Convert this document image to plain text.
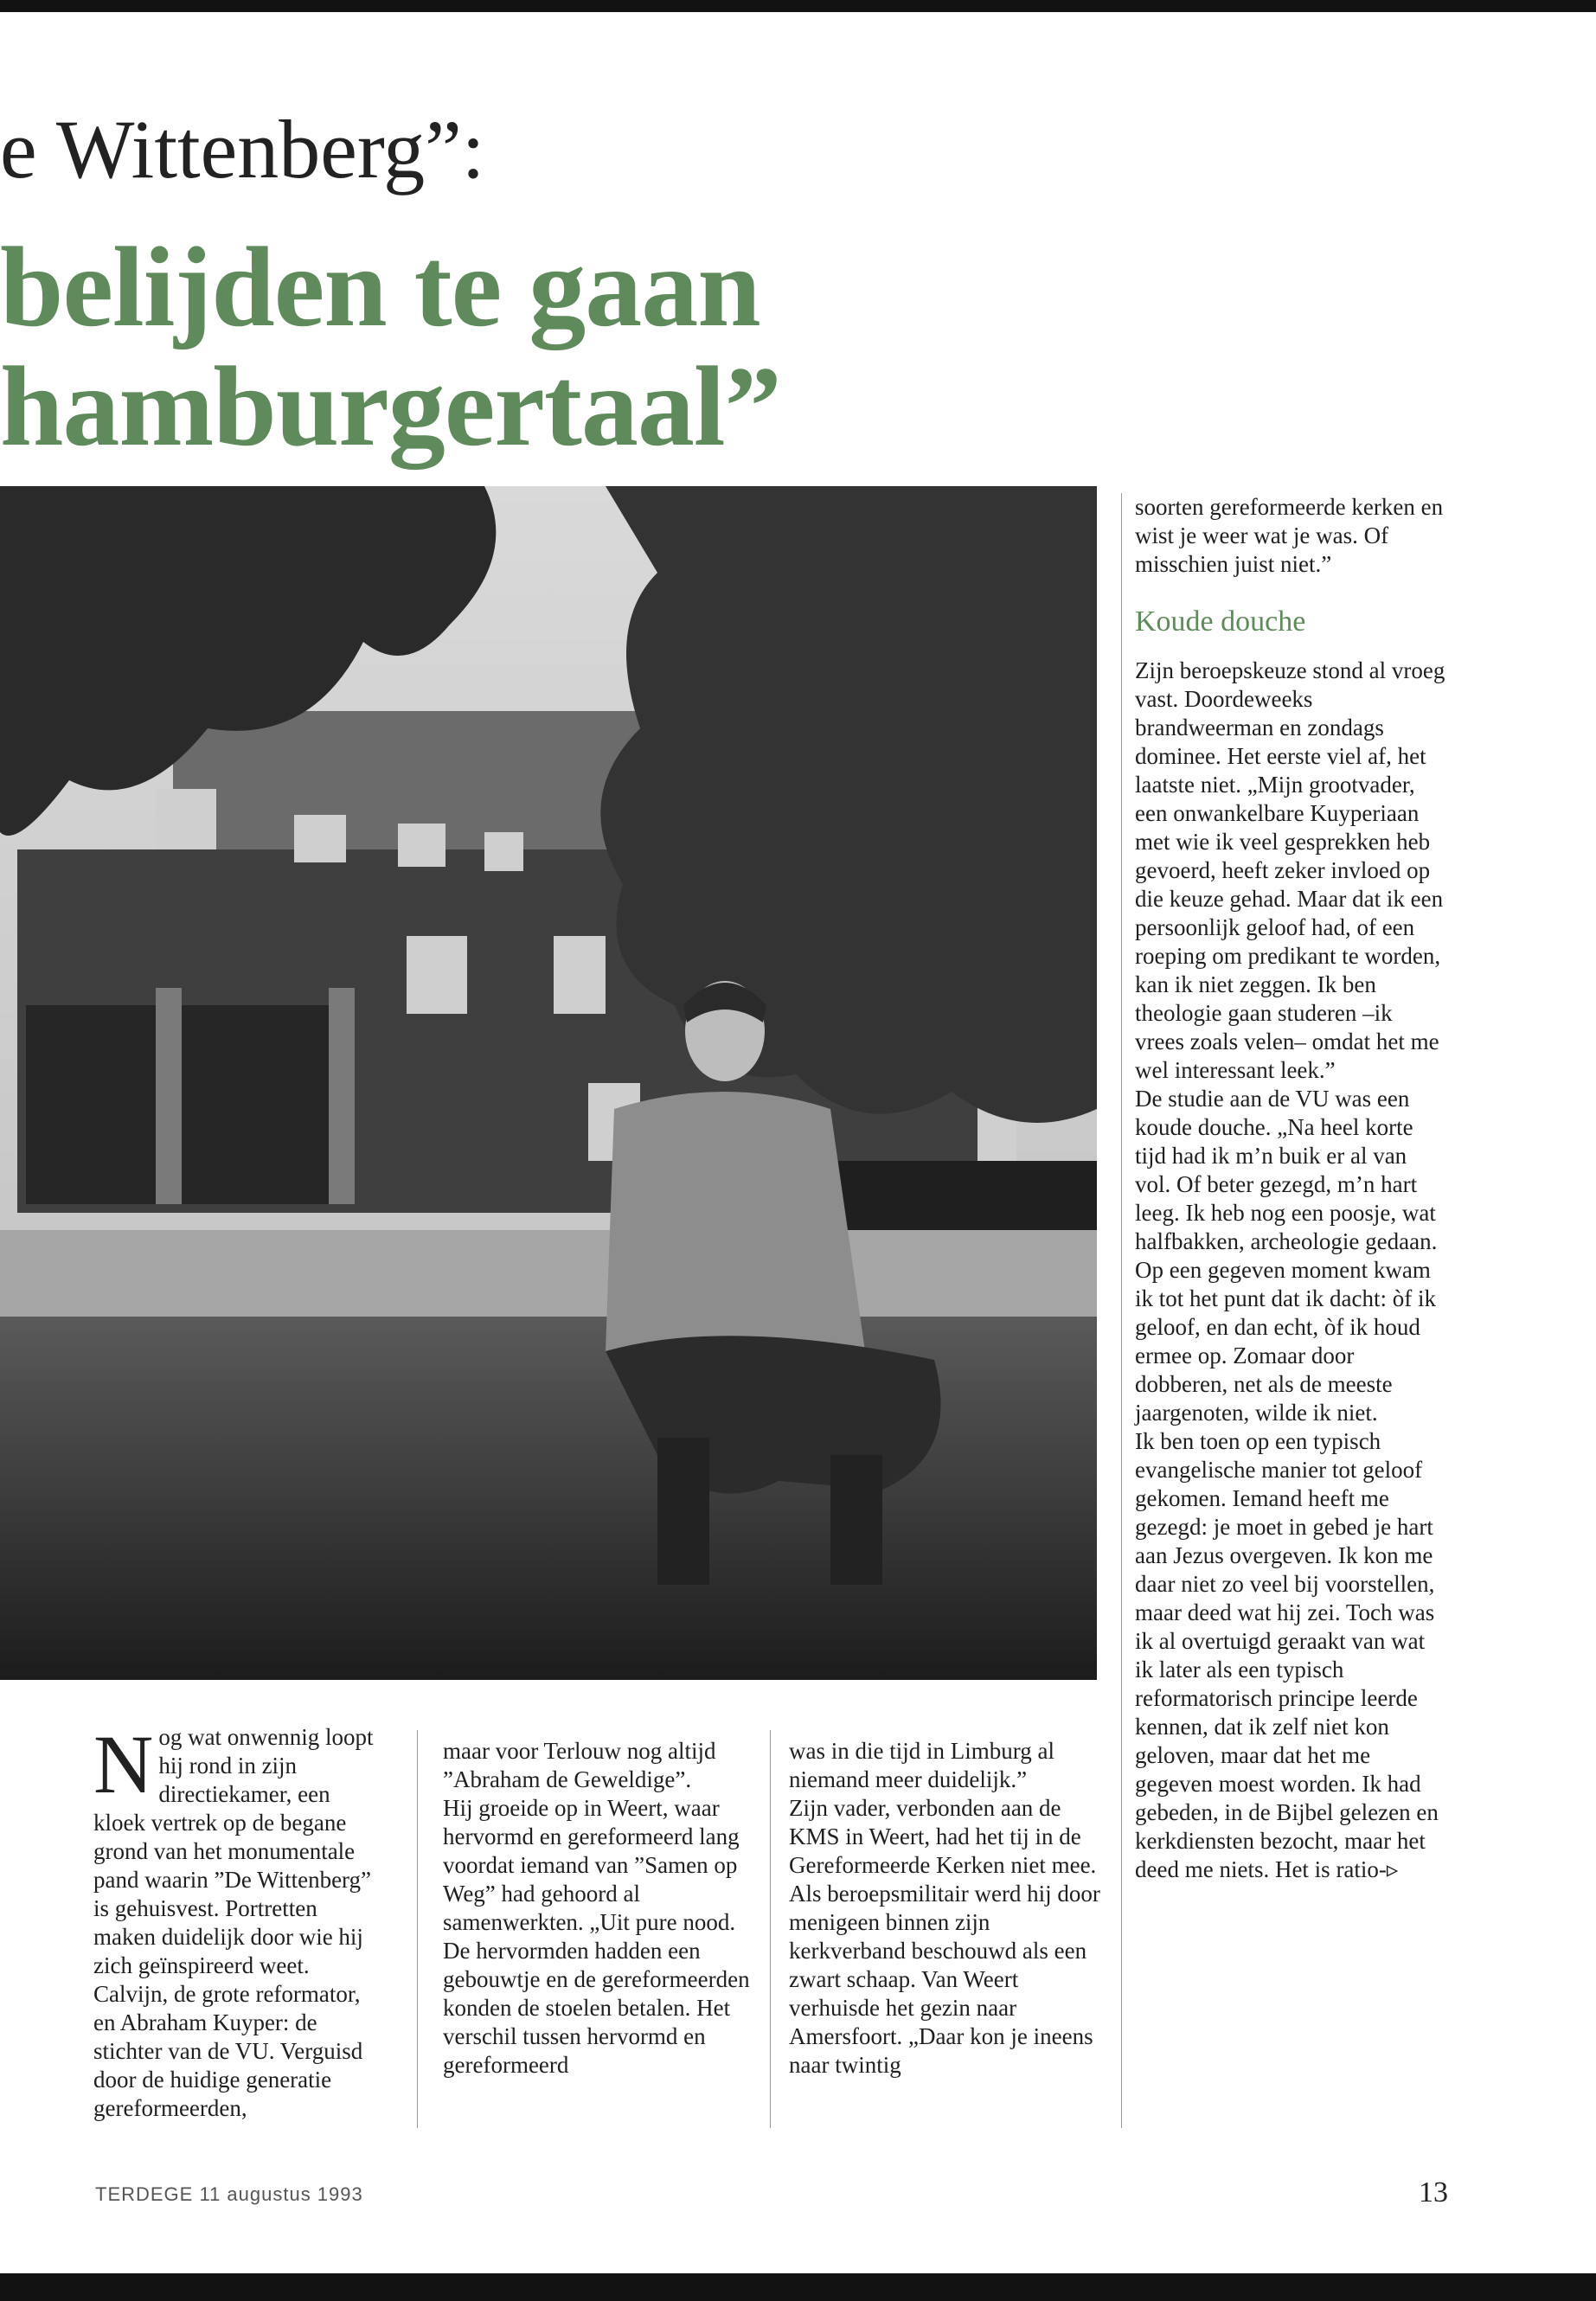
e Wittenberg”:
belijden te gaan
hamburgertaal”

Nog wat onwennig loopt hij rond in zijn directiekamer, een kloek vertrek op de begane grond van het monumentale pand waarin ”De Wittenberg” is gehuisvest. Portretten maken duidelijk door wie hij zich geïnspireerd weet. Calvijn, de grote reformator, en Abraham Kuyper: de stichter van de VU. Verguisd door de huidige generatie gereformeerden,

maar voor Terlouw nog altijd ”Abraham de Geweldige”.

Hij groeide op in Weert, waar hervormd en gereformeerd lang voordat iemand van ”Samen op Weg” had gehoord al samenwerkten. „Uit pure nood. De hervormden hadden een gebouwtje en de gereformeerden konden de stoelen betalen. Het verschil tussen hervormd en gereformeerd

was in die tijd in Limburg al niemand meer duidelijk.”

Zijn vader, verbonden aan de KMS in Weert, had het tij in de Gereformeerde Kerken niet mee. Als beroepsmilitair werd hij door menigeen binnen zijn kerkverband beschouwd als een zwart schaap. Van Weert verhuisde het gezin naar Amersfoort. „Daar kon je ineens naar twintig

soorten gereformeerde kerken en wist je weer wat je was. Of misschien juist niet.”

Koude douche

Zijn beroepskeuze stond al vroeg vast. Doordeweeks brandweerman en zondags dominee. Het eerste viel af, het laatste niet. „Mijn grootvader, een onwankelbare Kuyperiaan met wie ik veel gesprekken heb gevoerd, heeft zeker invloed op die keuze gehad. Maar dat ik een persoonlijk geloof had, of een roeping om predikant te worden, kan ik niet zeggen. Ik ben theologie gaan studeren –ik vrees zoals velen– omdat het me wel interessant leek.”

De studie aan de VU was een koude douche. „Na heel korte tijd had ik m’n buik er al van vol. Of beter gezegd, m’n hart leeg. Ik heb nog een poosje, wat halfbakken, archeologie gedaan. Op een gegeven moment kwam ik tot het punt dat ik dacht: òf ik geloof, en dan echt, òf ik houd ermee op. Zomaar door dobberen, net als de meeste jaargenoten, wilde ik niet.

Ik ben toen op een typisch evangelische manier tot geloof gekomen. Iemand heeft me gezegd: je moet in gebed je hart aan Jezus overgeven. Ik kon me daar niet zo veel bij voorstellen, maar deed wat hij zei. Toch was ik al overtuigd geraakt van wat ik later als een typisch reformatorisch principe leerde kennen, dat ik zelf niet kon geloven, maar dat het me gegeven moest worden. Ik had gebeden, in de Bijbel gelezen en kerkdiensten bezocht, maar het deed me niets. Het is ratio-▹

TERDEGE 11 augustus 1993	13
